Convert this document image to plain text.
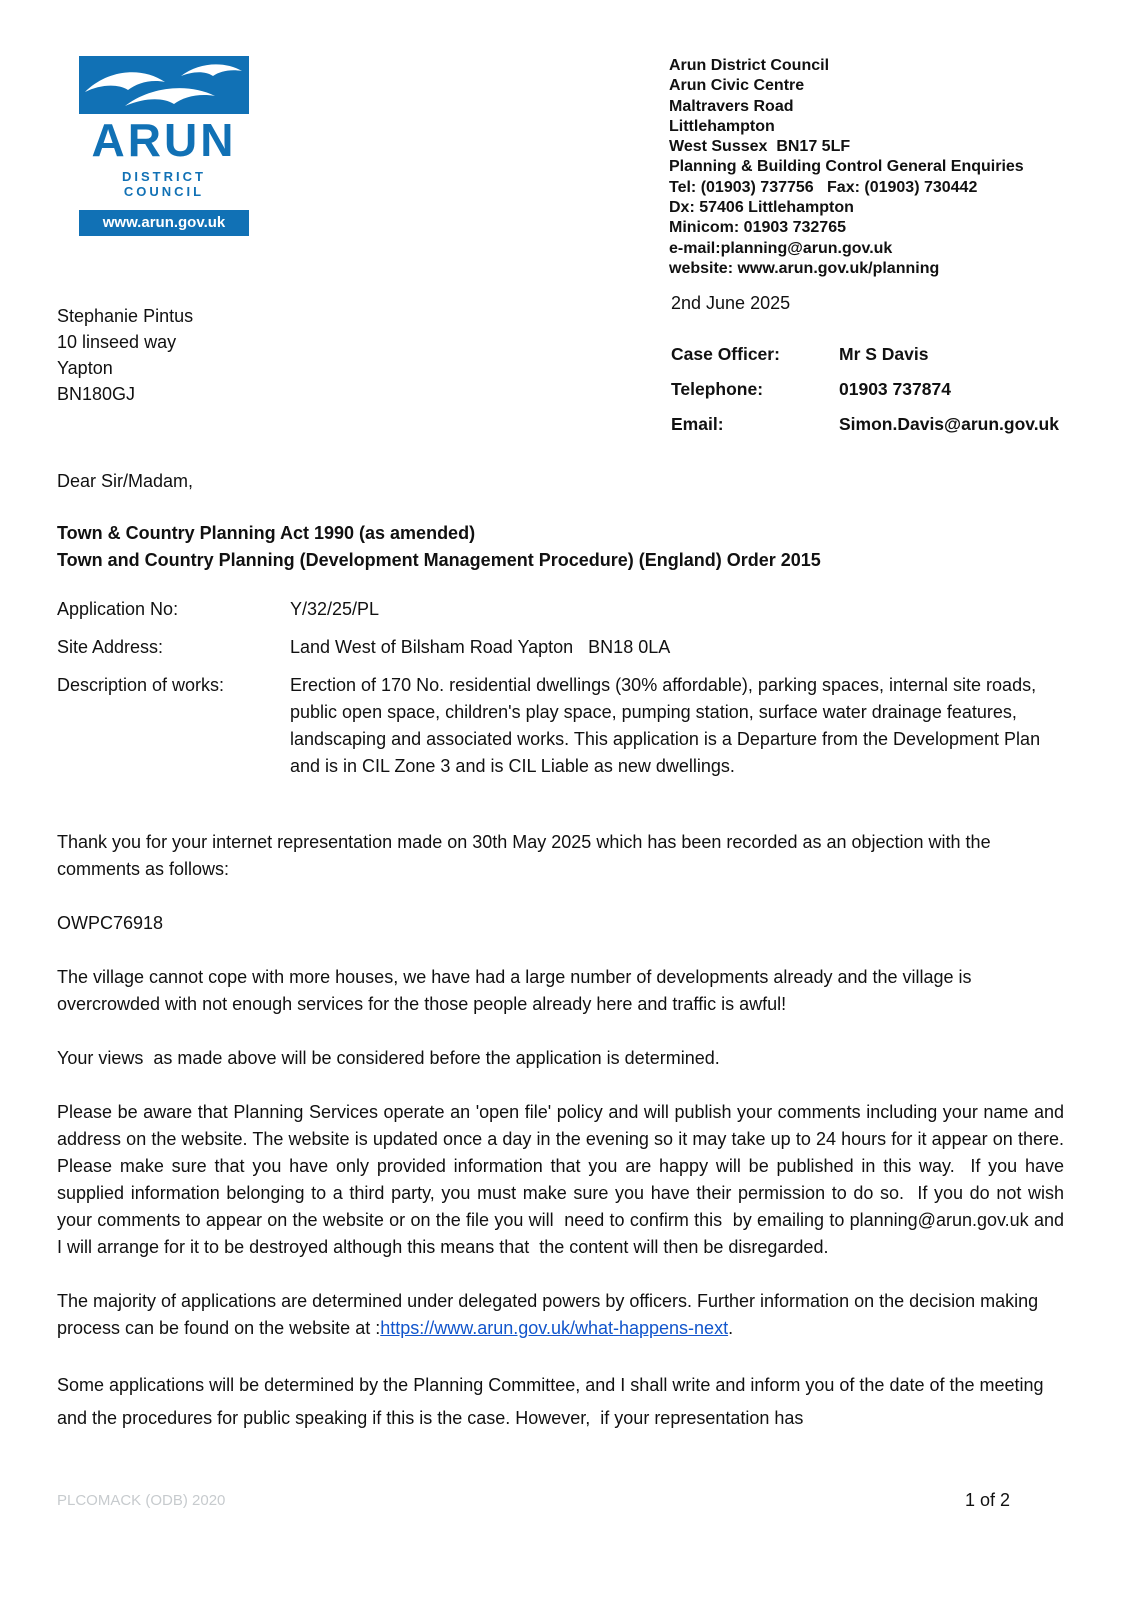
ARUN
DISTRICT COUNCIL
www.arun.gov.uk
Arun District Council
Arun Civic Centre
Maltravers Road
Littlehampton
West Sussex  BN17 5LF
Planning & Building Control General Enquiries
Tel: (01903) 737756   Fax: (01903) 730442
Dx: 57406 Littlehampton
Minicom: 01903 732765
e-mail:planning@arun.gov.uk
website: www.arun.gov.uk/planning
Stephanie Pintus
10 linseed way
Yapton
BN180GJ
2nd June 2025
Case Officer:	Mr S Davis
Telephone:	01903 737874
Email:	Simon.Davis@arun.gov.uk
Dear Sir/Madam,
Town & Country Planning Act 1990 (as amended)
Town and Country Planning (Development Management Procedure) (England) Order 2015
Application No:	Y/32/25/PL
Site Address:	Land West of Bilsham Road Yapton   BN18 0LA
Description of works:	Erection of 170 No. residential dwellings (30% affordable), parking spaces, internal site roads, public open space, children's play space, pumping station, surface water drainage features, landscaping and associated works. This application is a Departure from the Development Plan and is in CIL Zone 3 and is CIL Liable as new dwellings.

Thank you for your internet representation made on 30th May 2025 which has been recorded as an objection with the comments as follows:

OWPC76918

The village cannot cope with more houses, we have had a large number of developments already and the village is overcrowded with not enough services for the those people already here and traffic is awful!

Your views  as made above will be considered before the application is determined.

Please be aware that Planning Services operate an 'open file' policy and will publish your comments including your name and address on the website. The website is updated once a day in the evening so it may take up to 24 hours for it appear on there. Please make sure that you have only provided information that you are happy will be published in this way.  If you have  supplied information belonging to a third party, you must make sure you have their permission to do so.  If you do not wish your comments to appear on the website or on the file you will  need to confirm this  by emailing to planning@arun.gov.uk and I will arrange for it to be destroyed although this means that  the content will then be disregarded.

The majority of applications are determined under delegated powers by officers. Further information on the decision making process can be found on the website at :https://www.arun.gov.uk/what-happens-next.

Some applications will be determined by the Planning Committee, and I shall write and inform you of the date of the meeting and the procedures for public speaking if this is the case. However,  if your representation has

PLCOMACK (ODB) 2020	1 of 2
